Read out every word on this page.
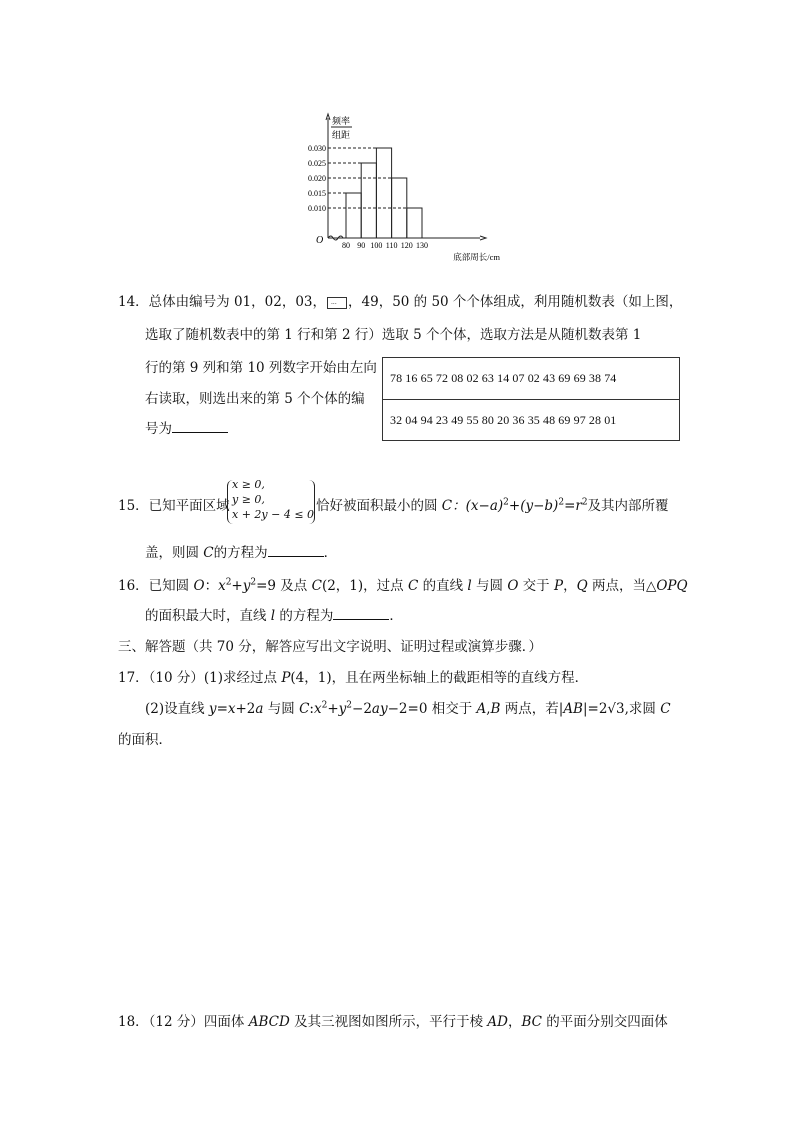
频率
组距
O 80 90 100 110 120 130
底部周长/cm
0.030
0.025
0.020
0.015
0.010
14．总体由编号为 01，02，03， ··· ，49，50 的 50 个个体组成，利用随机数表（如上图，
选取了随机数表中的第 1 行和第 2 行）选取 5 个个体，选取方法是从随机数表第 1
行的第 9 列和第 10 列数字开始由左向
右读取，则选出来的第 5 个个体的编
号为
78 16 65 72 08 02 63 14 07 02 43 69 69 38 74
32 04 94 23 49 55 80 20 36 35 48 69 97 28 01
15．已知平面区域
x ≥ 0,
y ≥ 0,
x + 2y − 4 ≤ 0
恰好被面积最小的圆 C：$(x-a)^2+(y-b)^2=r^2$及其内部所覆
盖，则圆 C的方程为	．
16．已知圆 O：$x^2+y^2=9$ 及点 C(2，1)，过点 C 的直线 l 与圆 O 交于 P，Q 两点，当△OPQ
的面积最大时，直线 l 的方程为	．
三、解答题（共 70 分，解答应写出文字说明、证明过程或演算步骤．）
17．（10 分）(1)求经过点 P(4，1)，且在两坐标轴上的截距相等的直线方程．
(2)设直线 y=x+2a 与圆 $C:x^2+y^2-2ay-2=0$ 相交于 A,B 两点，若|AB|=2√3,求圆 C
的面积．
18．（12 分）四面体 ABCD 及其三视图如图所示，平行于棱 AD，BC 的平面分别交四面体
